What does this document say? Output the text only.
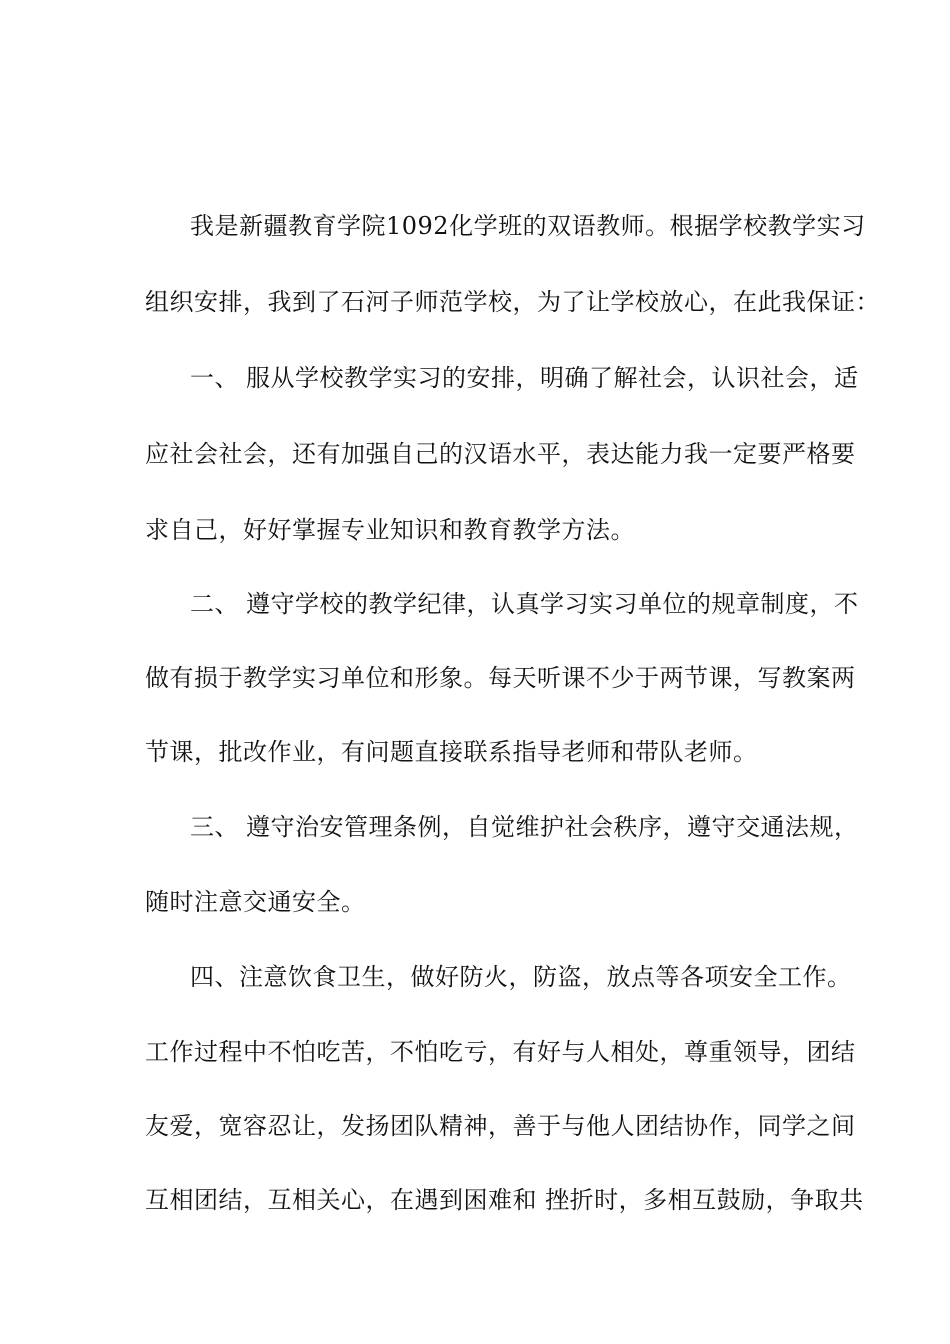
我是新疆教育学院1092化学班的双语教师。根据学校教学实习
组织安排，我到了石河子师范学校，为了让学校放心，在此我保证：
一、 服从学校教学实习的安排，明确了解社会，认识社会，适
应社会社会，还有加强自己的汉语水平，表达能力我一定要严格要
求自己，好好掌握专业知识和教育教学方法。
二、 遵守学校的教学纪律，认真学习实习单位的规章制度，不
做有损于教学实习单位和形象。每天听课不少于两节课，写教案两
节课，批改作业，有问题直接联系指导老师和带队老师。
三、 遵守治安管理条例，自觉维护社会秩序，遵守交通法规，
随时注意交通安全。
四、注意饮食卫生，做好防火，防盗，放点等各项安全工作。
工作过程中不怕吃苦，不怕吃亏，有好与人相处，尊重领导，团结
友爱，宽容忍让，发扬团队精神，善于与他人团结协作，同学之间
互相团结，互相关心，在遇到困难和 挫折时，多相互鼓励，争取共
